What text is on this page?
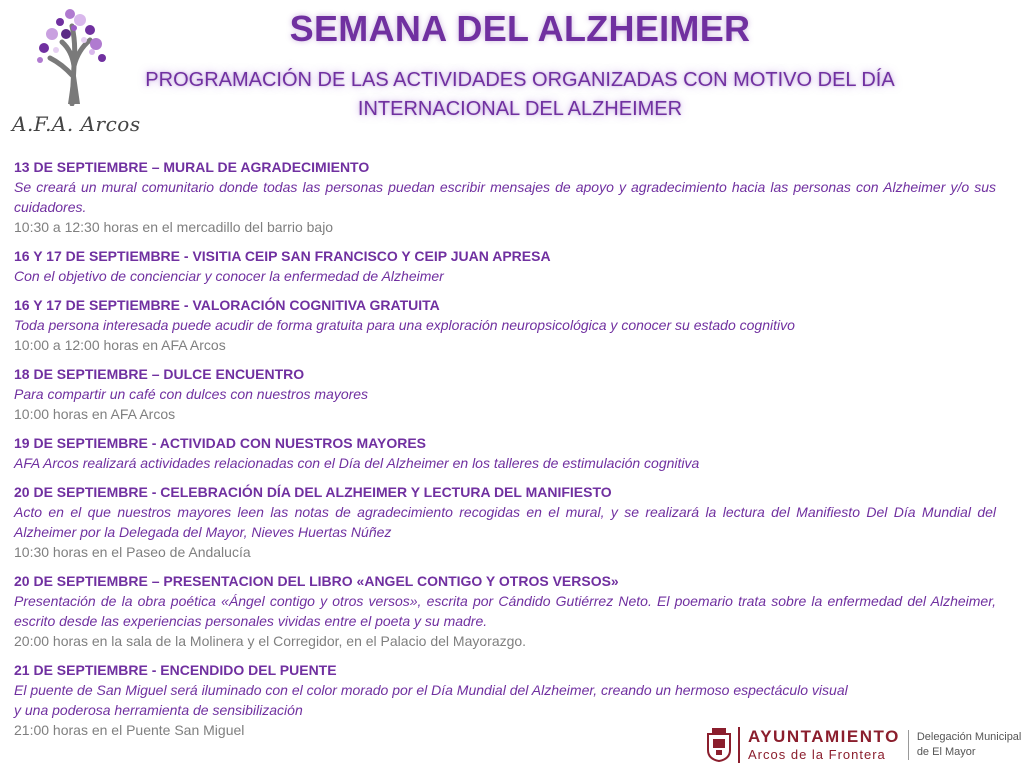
A.F.A. Arcos
SEMANA DEL ALZHEIMER
PROGRAMACIÓN DE LAS ACTIVIDADES ORGANIZADAS CON MOTIVO DEL DÍA
INTERNACIONAL DEL ALZHEIMER
13 DE SEPTIEMBRE – MURAL DE AGRADECIMIENTO
Se creará un mural comunitario donde todas las personas puedan escribir mensajes de apoyo y agradecimiento hacia las personas con Alzheimer y/o sus cuidadores.
10:30 a 12:30 horas en el mercadillo del barrio bajo
16 Y 17 DE SEPTIEMBRE - VISITIA CEIP SAN FRANCISCO Y CEIP JUAN APRESA
Con el objetivo de concienciar y conocer la enfermedad de Alzheimer
16 Y 17 DE SEPTIEMBRE - VALORACIÓN COGNITIVA GRATUITA
Toda persona interesada puede acudir de forma gratuita para una exploración neuropsicológica y conocer su estado cognitivo
10:00 a 12:00 horas en AFA Arcos
18 DE SEPTIEMBRE – DULCE ENCUENTRO
Para compartir un café con dulces con nuestros mayores
10:00 horas en AFA Arcos
19 DE SEPTIEMBRE - ACTIVIDAD CON NUESTROS MAYORES
AFA Arcos realizará actividades relacionadas con el Día del Alzheimer en los talleres de estimulación cognitiva
20 DE SEPTIEMBRE - CELEBRACIÓN DÍA DEL ALZHEIMER Y LECTURA DEL MANIFIESTO
Acto en el que nuestros mayores leen las notas de agradecimiento recogidas en el mural, y se realizará la lectura del Manifiesto Del Día Mundial del Alzheimer por la Delegada del Mayor, Nieves Huertas Núñez
10:30 horas en el Paseo de Andalucía
20 DE SEPTIEMBRE – PRESENTACION DEL LIBRO «ANGEL CONTIGO Y OTROS VERSOS»
Presentación de la obra poética «Ángel contigo y otros versos», escrita por Cándido Gutiérrez Neto. El poemario trata sobre la enfermedad del Alzheimer, escrito desde las experiencias personales vividas entre el poeta y su madre.
20:00 horas en la sala de la Molinera y el Corregidor, en el Palacio del Mayorazgo.
21 DE SEPTIEMBRE - ENCENDIDO DEL PUENTE
El puente de San Miguel será iluminado con el color morado por el Día Mundial del Alzheimer, creando un hermoso espectáculo visual
y una poderosa herramienta de sensibilización
21:00 horas en el Puente San Miguel	AYUNTAMIENTO
Arcos de la Frontera
Delegación Municipal
de El Mayor
